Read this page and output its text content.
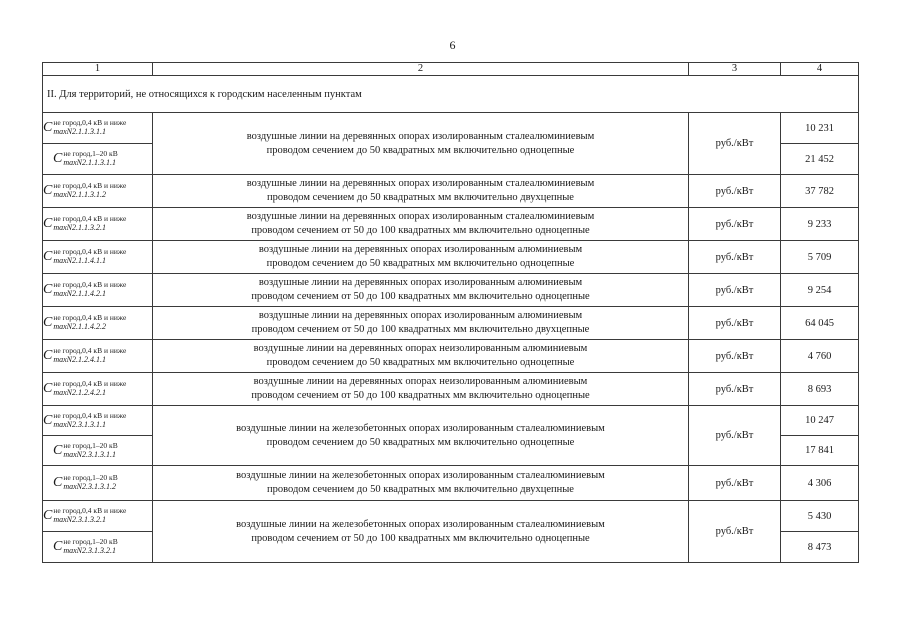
6
1	2	3	4
II. Для территорий, не относящихся к городским населенным пунктам			

C не город,0,4 кВ и ниже
maxN2.1.1.3.1.1	воздушные линии на деревянных опорах изолированным сталеалюминиевым
проводом сечением до 50 квадратных мм включительно одноцепные	руб./кВт	10 231

C не город,1–20 кВ
maxN2.1.1.3.1.1			21 452

C не город,0,4 кВ и ниже
maxN2.1.1.3.1.2	воздушные линии на деревянных опорах изолированным сталеалюминиевым
проводом сечением до 50 квадратных мм включительно двухцепные	руб./кВт	37 782

C не город,0,4 кВ и ниже
maxN2.1.1.3.2.1	воздушные линии на деревянных опорах изолированным сталеалюминиевым
проводом сечением от 50 до 100 квадратных мм включительно одноцепные	руб./кВт	9 233

C не город,0,4 кВ и ниже
maxN2.1.1.4.1.1	воздушные линии на деревянных опорах изолированным алюминиевым
проводом сечением до 50 квадратных мм включительно одноцепные	руб./кВт	5 709

C не город,0,4 кВ и ниже
maxN2.1.1.4.2.1	воздушные линии на деревянных опорах изолированным алюминиевым
проводом сечением от 50 до 100 квадратных мм включительно одноцепные	руб./кВт	9 254

C не город,0,4 кВ и ниже
maxN2.1.1.4.2.2	воздушные линии на деревянных опорах изолированным алюминиевым
проводом сечением от 50 до 100 квадратных мм включительно двухцепные	руб./кВт	64 045

C не город,0,4 кВ и ниже
maxN2.1.2.4.1.1	воздушные линии на деревянных опорах неизолированным алюминиевым
проводом сечением до 50 квадратных мм включительно одноцепные	руб./кВт	4 760

C не город,0,4 кВ и ниже
maxN2.1.2.4.2.1	воздушные линии на деревянных опорах неизолированным алюминиевым
проводом сечением от 50 до 100 квадратных мм включительно одноцепные	руб./кВт	8 693

C не город,0,4 кВ и ниже
maxN2.3.1.3.1.1	воздушные линии на железобетонных опорах изолированным сталеалюминиевым
проводом сечением до 50 квадратных мм включительно одноцепные	руб./кВт	10 247

C не город,1–20 кВ
maxN2.3.1.3.1.1			17 841

C не город,1–20 кВ
maxN2.3.1.3.1.2	воздушные линии на железобетонных опорах изолированным сталеалюминиевым
проводом сечением до 50 квадратных мм включительно двухцепные	руб./кВт	4 306

C не город,0,4 кВ и ниже
maxN2.3.1.3.2.1	воздушные линии на железобетонных опорах изолированным сталеалюминиевым
проводом сечением от 50 до 100 квадратных мм включительно одноцепные	руб./кВт	5 430

C не город,1–20 кВ
maxN2.3.1.3.2.1			8 473
